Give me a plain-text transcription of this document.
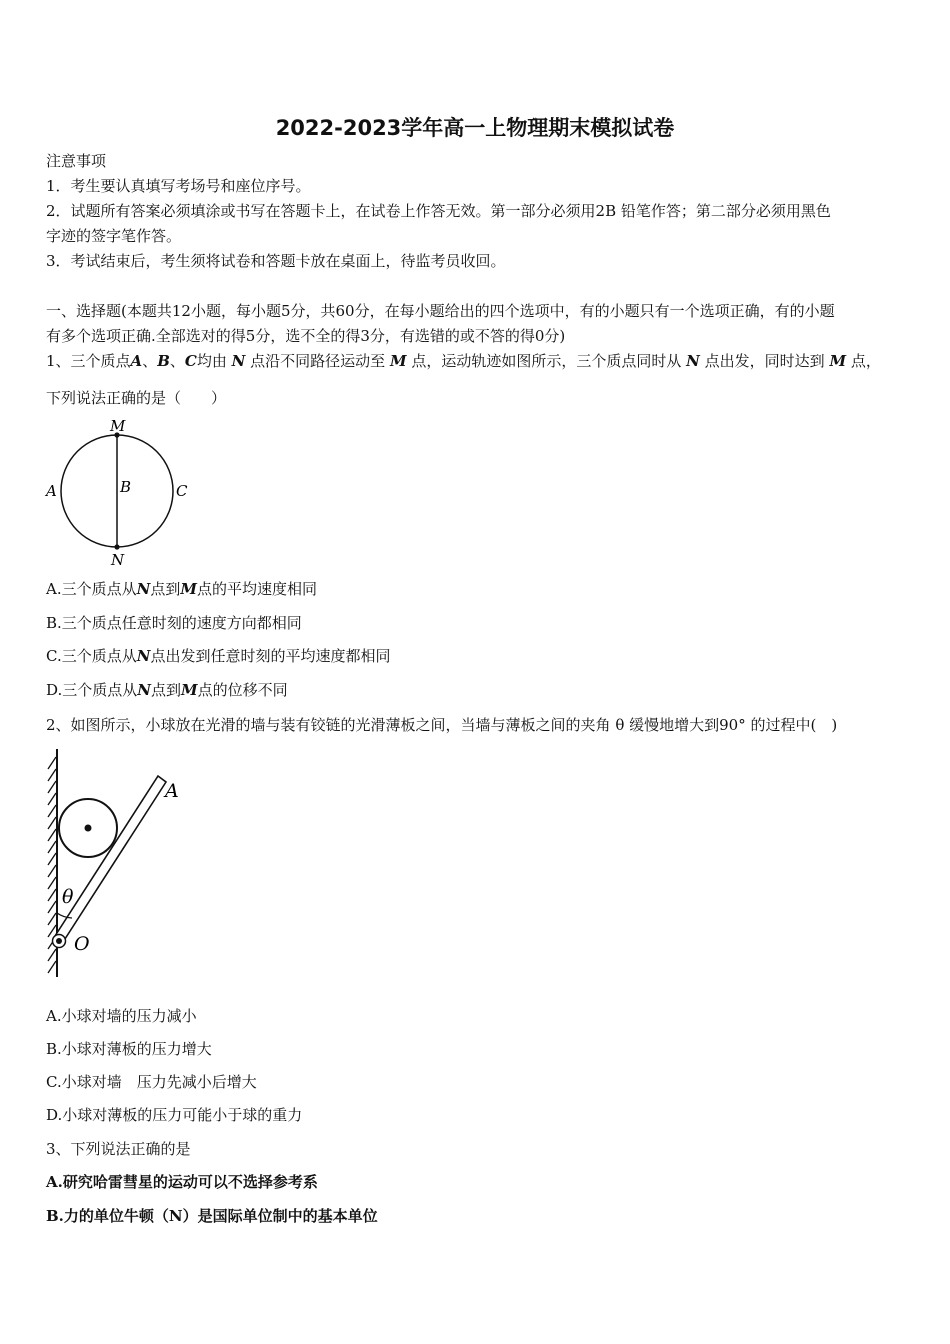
2022-2023学年高一上物理期末模拟试卷
注意事项
1．考生要认真填写考场号和座位序号。
2．试题所有答案必须填涂或书写在答题卡上，在试卷上作答无效。第一部分必须用2B 铅笔作答；第二部分必须用黑色
字迹的签字笔作答。
3．考试结束后，考生须将试卷和答题卡放在桌面上，待监考员收回。
一、选择题(本题共12小题，每小题5分，共60分，在每小题给出的四个选项中，有的小题只有一个选项正确，有的小题
有多个选项正确.全部选对的得5分，选不全的得3分，有选错的或不答的得0分)
1、三个质点A、B、C均由 N 点沿不同路径运动至 M 点，运动轨迹如图所示，三个质点同时从 N 点出发，同时达到 M 点，
下列说法正确的是（　　）
M
N
A	B	C
A.三个质点从N点到M点的平均速度相同
B.三个质点任意时刻的速度方向都相同
C.三个质点从N点出发到任意时刻的平均速度都相同
D.三个质点从N点到M点的位移不同
2、如图所示，小球放在光滑的墙与装有铰链的光滑薄板之间，当墙与薄板之间的夹角 θ 缓慢地增大到90° 的过程中(　)
A
θ
O
A.小球对墙的压力减小
B.小球对薄板的压力增大
C.小球对墙　压力先减小后增大
D.小球对薄板的压力可能小于球的重力
3、下列说法正确的是
A.研究哈雷彗星的运动可以不选择参考系
B.力的单位牛顿（N）是国际单位制中的基本单位
